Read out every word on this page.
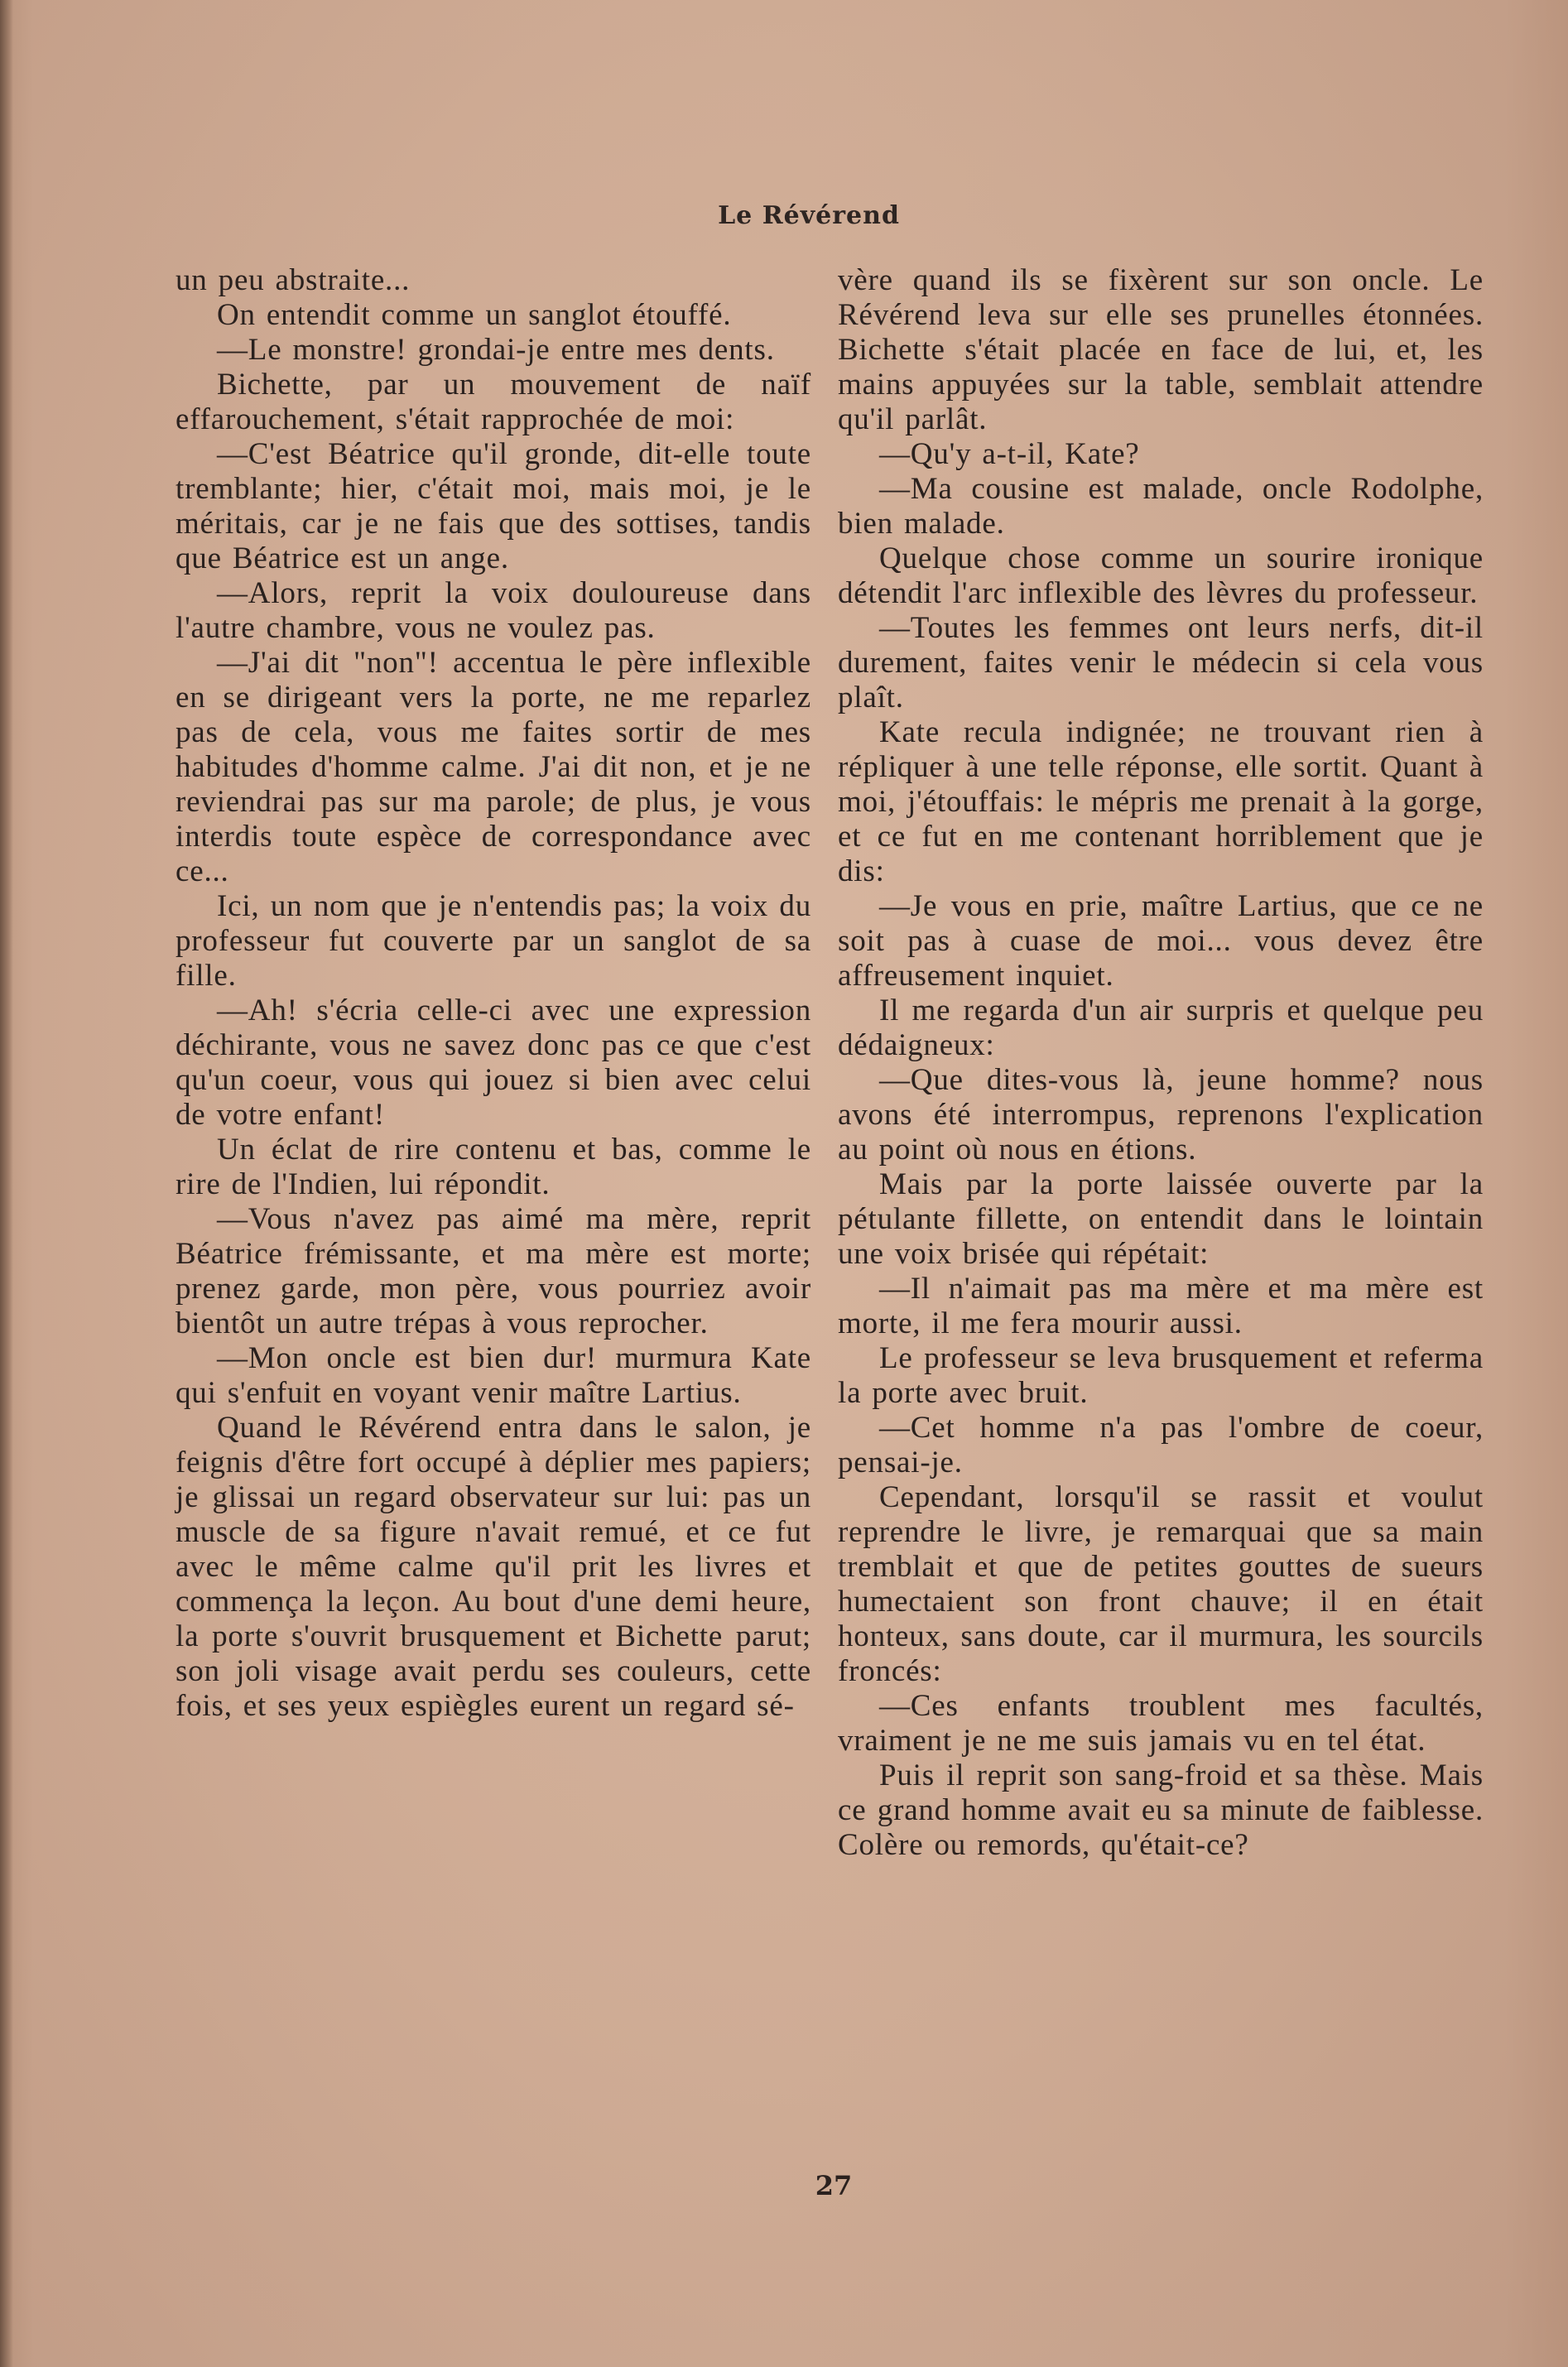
Le Révérend

un peu abstraite...

On entendit comme un sanglot étouffé.

—Le monstre! grondai-je entre mes dents.

Bichette, par un mouvement de naïf effarouchement, s'était rapprochée de moi:

—C'est Béatrice qu'il gronde, dit-elle toute tremblante; hier, c'était moi, mais moi, je le méritais, car je ne fais que des sottises, tandis que Béatrice est un ange.

—Alors, reprit la voix douloureuse dans l'autre chambre, vous ne voulez pas.

—J'ai dit "non"! accentua le père inflexible en se dirigeant vers la porte, ne me reparlez pas de cela, vous me faites sortir de mes habitudes d'homme calme. J'ai dit non, et je ne reviendrai pas sur ma parole; de plus, je vous interdis toute espèce de correspondance avec ce...

Ici, un nom que je n'entendis pas; la voix du professeur fut couverte par un sanglot de sa fille.

—Ah! s'écria celle-ci avec une expression déchirante, vous ne savez donc pas ce que c'est qu'un coeur, vous qui jouez si bien avec celui de votre enfant!

Un éclat de rire contenu et bas, comme le rire de l'Indien, lui répondit.

—Vous n'avez pas aimé ma mère, reprit Béatrice frémissante, et ma mère est morte; prenez garde, mon père, vous pourriez avoir bientôt un autre trépas à vous reprocher.

—Mon oncle est bien dur! murmura Kate qui s'enfuit en voyant venir maître Lartius.

Quand le Révérend entra dans le salon, je feignis d'être fort occupé à déplier mes papiers; je glissai un regard observateur sur lui: pas un muscle de sa figure n'avait remué, et ce fut avec le même calme qu'il prit les livres et commença la leçon. Au bout d'une demi heure, la porte s'ouvrit brusquement et Bichette parut; son joli visage avait perdu ses couleurs, cette fois, et ses yeux espiègles eurent un regard sé-

vère quand ils se fixèrent sur son oncle. Le Révérend leva sur elle ses prunelles étonnées. Bichette s'était placée en face de lui, et, les mains appuyées sur la table, semblait attendre qu'il parlât.

—Qu'y a-t-il, Kate?

—Ma cousine est malade, oncle Rodolphe, bien malade.

Quelque chose comme un sourire ironique détendit l'arc inflexible des lèvres du professeur.

—Toutes les femmes ont leurs nerfs, dit-il durement, faites venir le médecin si cela vous plaît.

Kate recula indignée; ne trouvant rien à répliquer à une telle réponse, elle sortit. Quant à moi, j'étouffais: le mépris me prenait à la gorge, et ce fut en me contenant horriblement que je dis:

—Je vous en prie, maître Lartius, que ce ne soit pas à cuase de moi... vous devez être affreusement inquiet.

Il me regarda d'un air surpris et quelque peu dédaigneux:

—Que dites-vous là, jeune homme? nous avons été interrompus, reprenons l'explication au point où nous en étions.

Mais par la porte laissée ouverte par la pétulante fillette, on entendit dans le lointain une voix brisée qui répétait:

—Il n'aimait pas ma mère et ma mère est morte, il me fera mourir aussi.

Le professeur se leva brusquement et referma la porte avec bruit.

—Cet homme n'a pas l'ombre de coeur, pensai-je.

Cependant, lorsqu'il se rassit et voulut reprendre le livre, je remarquai que sa main tremblait et que de petites gouttes de sueurs humectaient son front chauve; il en était honteux, sans doute, car il murmura, les sourcils froncés:

—Ces enfants troublent mes facultés, vraiment je ne me suis jamais vu en tel état.

Puis il reprit son sang-froid et sa thèse. Mais ce grand homme avait eu sa minute de faiblesse. Colère ou remords, qu'était-ce?

27
